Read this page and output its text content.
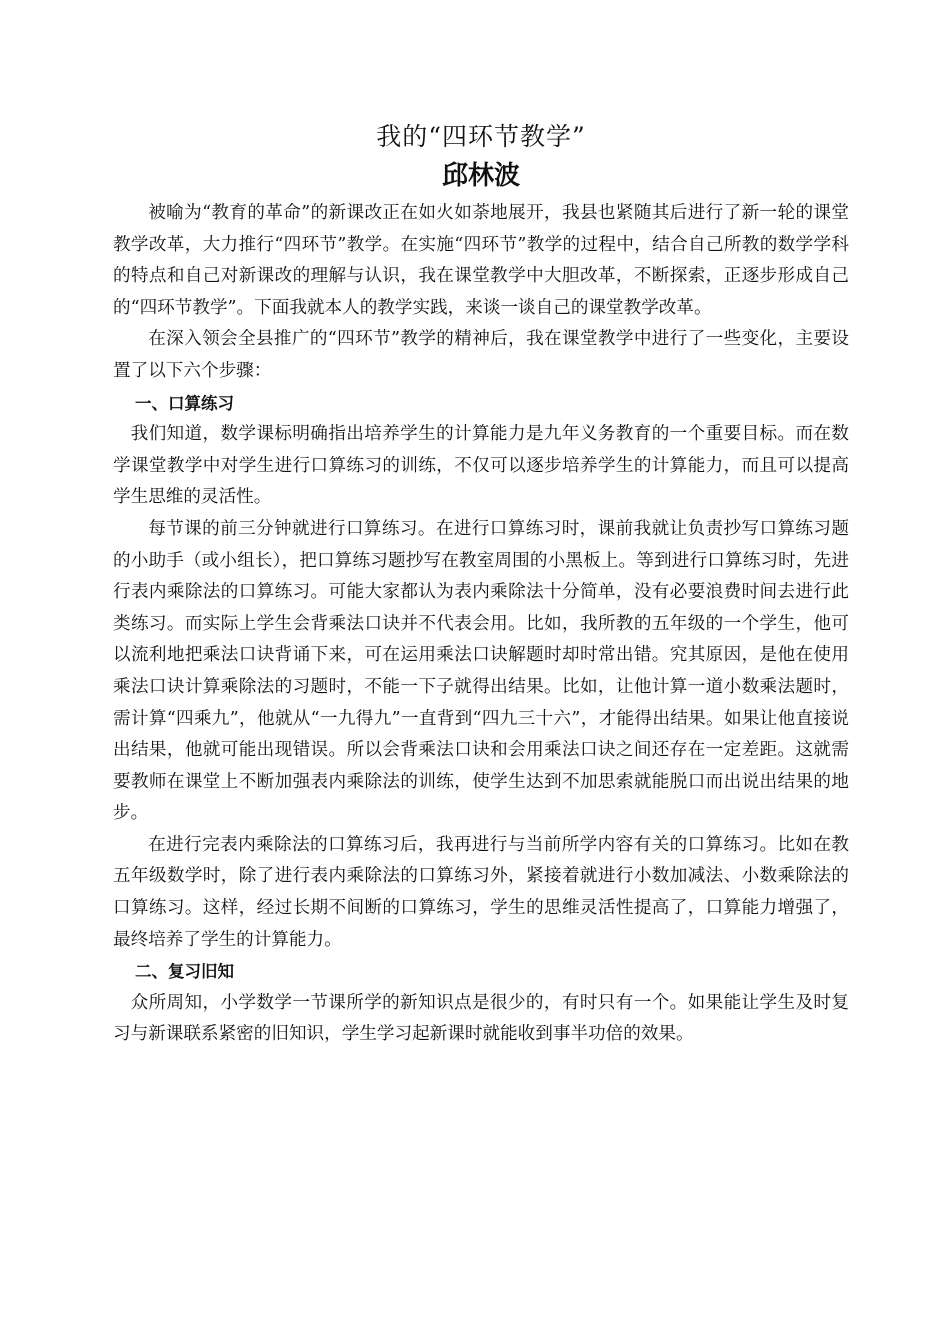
我的“四环节教学”
邱林波

被喻为“教育的革命”的新课改正在如火如荼地展开，我县也紧随其后进行了新一轮的课堂教学改革，大力推行“四环节”教学。在实施“四环节”教学的过程中，结合自己所教的数学学科的特点和自己对新课改的理解与认识，我在课堂教学中大胆改革，不断探索，正逐步形成自己的“四环节教学”。下面我就本人的教学实践，来谈一谈自己的课堂教学改革。

在深入领会全县推广的“四环节”教学的精神后，我在课堂教学中进行了一些变化，主要设置了以下六个步骤：

一、口算练习

我们知道，数学课标明确指出培养学生的计算能力是九年义务教育的一个重要目标。而在数学课堂教学中对学生进行口算练习的训练，不仅可以逐步培养学生的计算能力，而且可以提高学生思维的灵活性。

每节课的前三分钟就进行口算练习。在进行口算练习时，课前我就让负责抄写口算练习题的小助手（或小组长），把口算练习题抄写在教室周围的小黑板上。等到进行口算练习时，先进行表内乘除法的口算练习。可能大家都认为表内乘除法十分简单，没有必要浪费时间去进行此类练习。而实际上学生会背乘法口诀并不代表会用。比如，我所教的五年级的一个学生，他可以流利地把乘法口诀背诵下来，可在运用乘法口诀解题时却时常出错。究其原因，是他在使用乘法口诀计算乘除法的习题时，不能一下子就得出结果。比如，让他计算一道小数乘法题时，需计算“四乘九”，他就从“一九得九”一直背到“四九三十六”，才能得出结果。如果让他直接说出结果，他就可能出现错误。所以会背乘法口诀和会用乘法口诀之间还存在一定差距。这就需要教师在课堂上不断加强表内乘除法的训练，使学生达到不加思索就能脱口而出说出结果的地步。

在进行完表内乘除法的口算练习后，我再进行与当前所学内容有关的口算练习。比如在教五年级数学时，除了进行表内乘除法的口算练习外，紧接着就进行小数加减法、小数乘除法的口算练习。这样，经过长期不间断的口算练习，学生的思维灵活性提高了，口算能力增强了，最终培养了学生的计算能力。

二、复习旧知

众所周知，小学数学一节课所学的新知识点是很少的，有时只有一个。如果能让学生及时复习与新课联系紧密的旧知识，学生学习起新课时就能收到事半功倍的效果。
